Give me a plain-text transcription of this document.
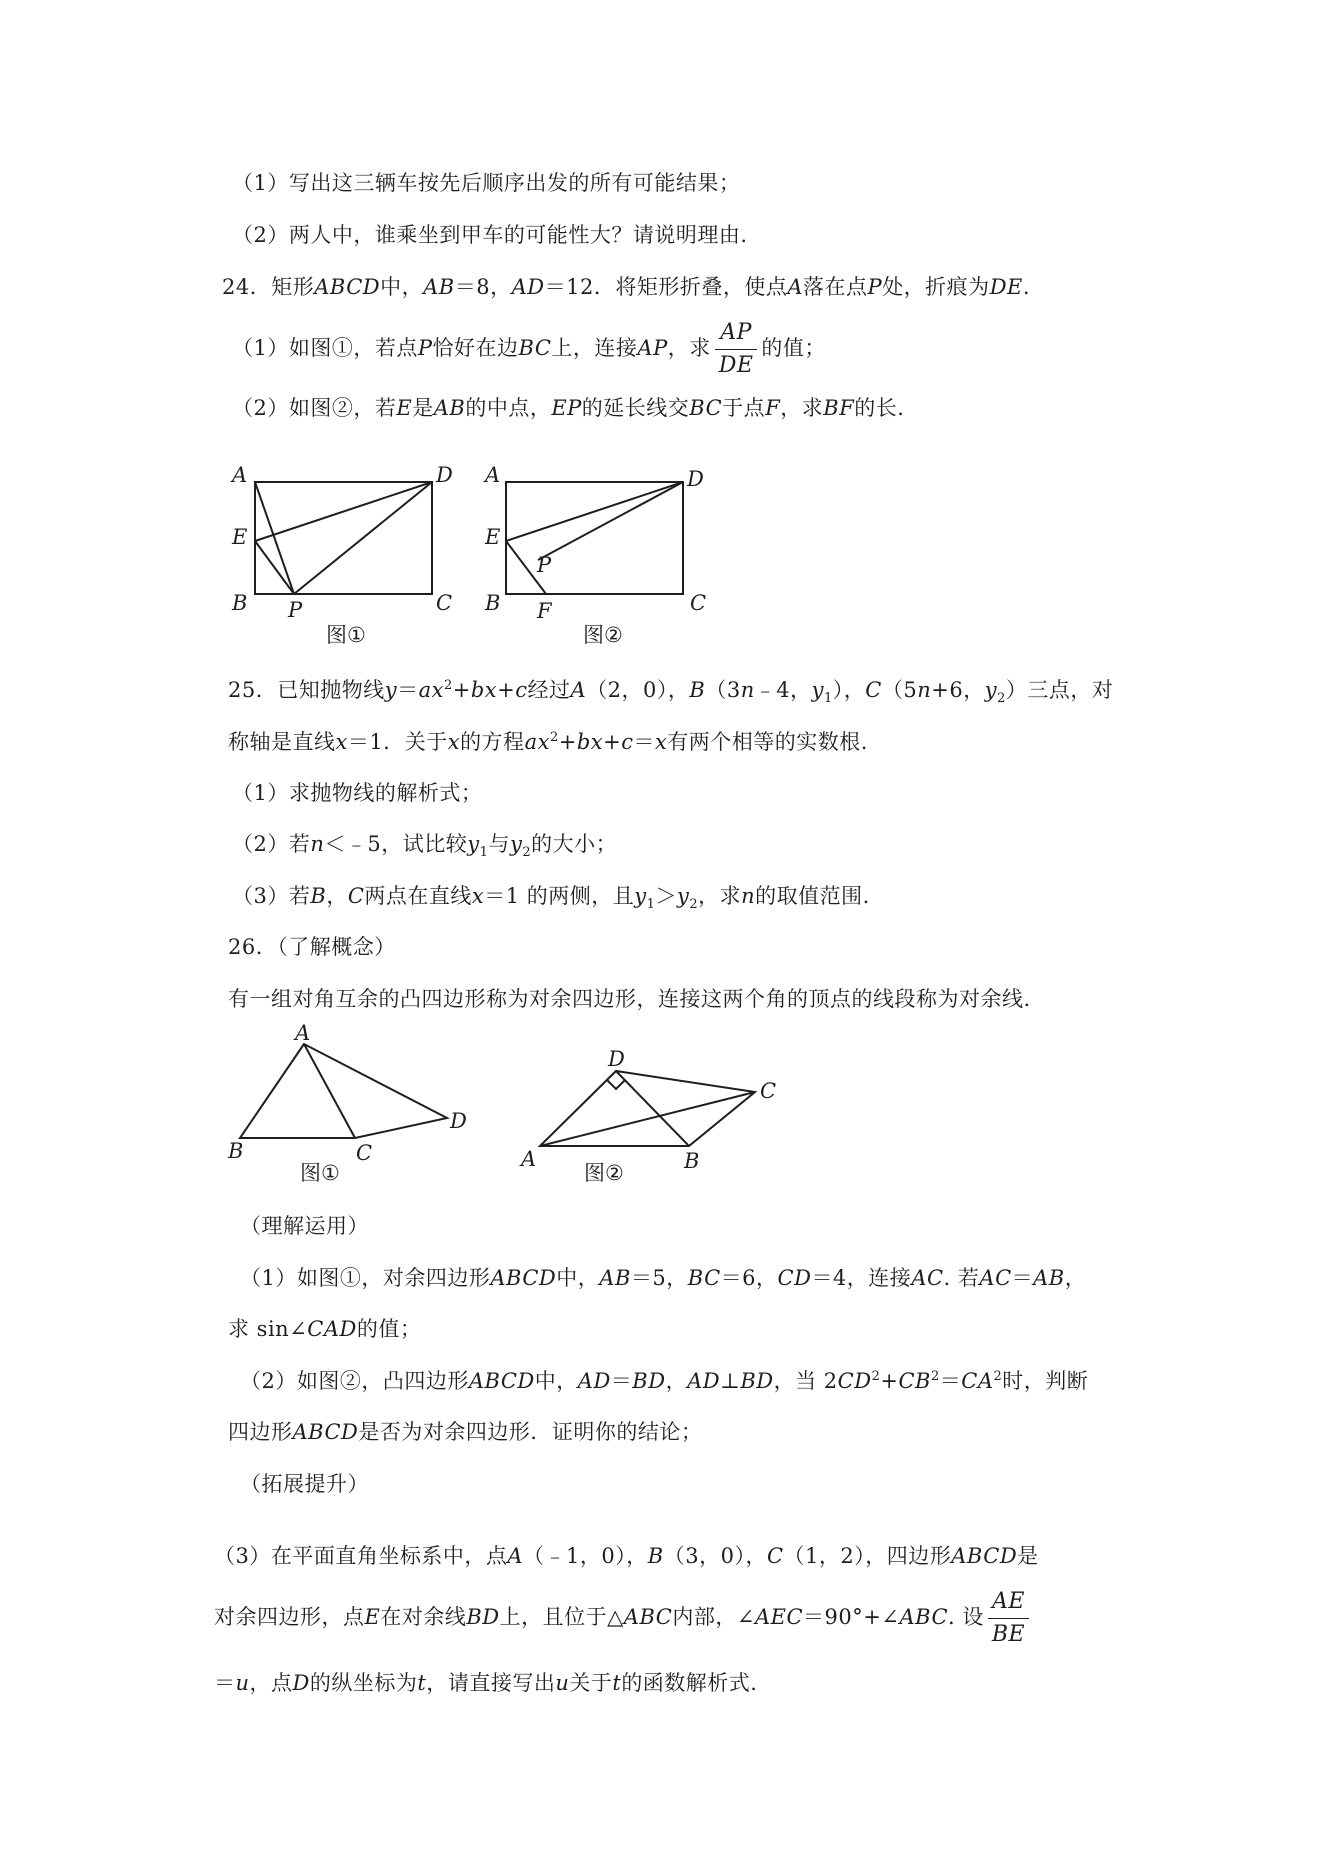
（1）写出这三辆车按先后顺序出发的所有可能结果；
（2）两人中，谁乘坐到甲车的可能性大？请说明理由.
24．矩形ABCD中，AB＝8，AD＝12．将矩形折叠，使点A落在点P处，折痕为DE.
（1）如图①，若点P恰好在边BC上，连接AP，求 $\frac{AP}{DE}$ 的值；
（2）如图②，若E是AB的中点，EP的延长线交BC于点F，求BF的长.
A	D
E
B P	C
图①
A	D
E
P
B F	C
图②
A
B	C
D
图①
D
C
A	B
图②
25．已知抛物线$y=ax^2+bx+c$经过A（2，0），B（3n﹣4，$y_1$），C（5n+6，$y_2$）三点，对
称轴是直线x＝1．关于x的方程$ax^2+bx+c=x$有两个相等的实数根.
（1）求抛物线的解析式；
（2）若n＜﹣5，试比较$y_1$与$y_2$的大小；
（3）若B，C两点在直线x＝1 的两侧，且$y_1>y_2$，求n的取值范围.
26．（了解概念）
有一组对角互余的凸四边形称为对余四边形，连接这两个角的顶点的线段称为对余线.
（理解运用）
（1）如图①，对余四边形ABCD中，AB＝5，BC＝6，CD＝4，连接AC. 若AC＝AB，
求 sin∠CAD的值；
（2）如图②，凸四边形ABCD中，AD＝BD，AD⊥BD，当 $2CD^2+CB^2=CA^2$时，判断
四边形ABCD是否为对余四边形．证明你的结论；
（拓展提升）
（3）在平面直角坐标系中，点A（﹣1，0），B（3，0），C（1，2），四边形ABCD是
对余四边形，点E在对余线BD上，且位于△ABC内部，∠AEC＝90°+∠ABC. 设 $\frac{AE}{BE}$
＝u，点D的纵坐标为t，请直接写出u关于t的函数解析式.
